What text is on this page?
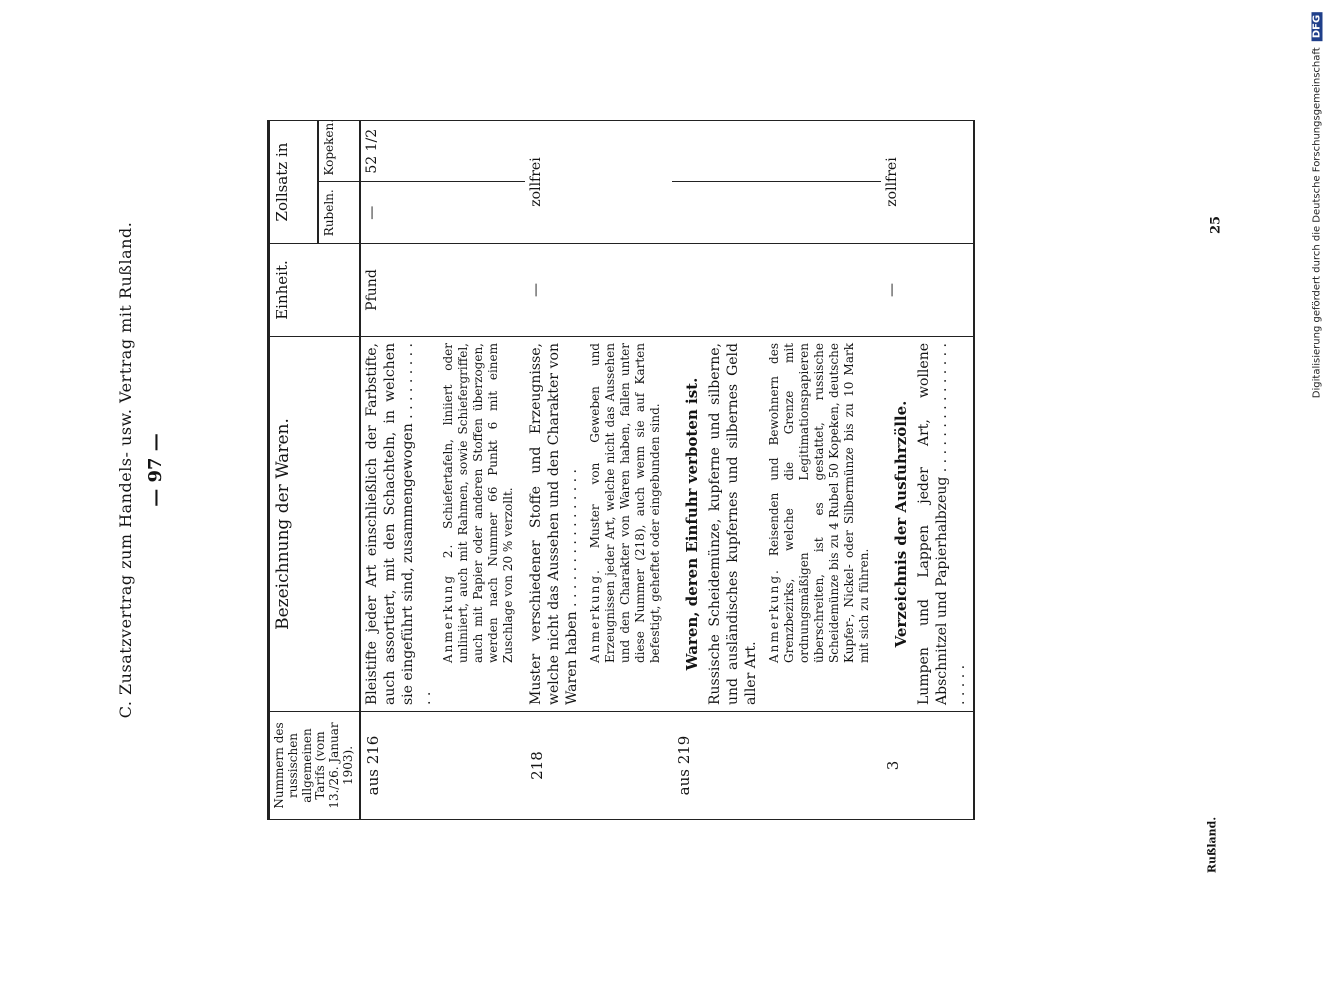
Digitalisierung gefördert durch die Deutsche Forschungsgemeinschaft DFG
Rußland.
25
C. Zusatzvertrag zum Handels- usw. Vertrag mit Rußland. — 97 —
Nummern des russischen allgemeinen Tarifs (vom 13./26. Januar 1903).	Bezeichnung der Waren.	Einheit.	Zollsatz in	
			Rubeln.	Kopeken.
aus 216	Bleistifte jeder Art einschließlich der Farbstifte, auch assortiert, mit den Schachteln, in welchen sie eingeführt sind, zusammengewogen . . . . . . . . . . .

Anmerkung 2. Schiefertafeln, liniiert oder unliniiert, auch mit Rahmen, sowie Schiefergriffel, auch mit Papier oder anderen Stoffen überzogen, werden nach Nummer 66 Punkt 6 mit einem Zuschlage von 20 % verzollt.	Pfund	—	52 1/2
218	Muster verschiedener Stoffe und Erzeugnisse, welche nicht das Aussehen und den Charakter von Waren haben . . . . . . . . . . . . . . . . Anmerkung. Muster von Geweben und Erzeugnissen jeder Art, welche nicht das Aussehen und den Charakter von Waren haben, fallen unter diese Nummer (218), auch wenn sie auf Karten befestigt, geheftet oder eingebunden sind.	—	zollfrei	
aus 219	Waren, deren Einfuhr verboten ist. Russische Scheidemünze, kupferne und silberne, und ausländisches kupfernes und silbernes Geld aller Art.

Anmerkung. Reisenden und Bewohnern des Grenzbezirks, welche die Grenze mit ordnungsmäßigen Legitimationspapieren überschreiten, ist es gestattet, russische Scheidemünze bis zu 4 Rubel 50 Kopeken, deutsche Kupfer-, Nickel- oder Silbermünze bis zu 10 Mark mit sich zu führen.			

3	Verzeichnis der Ausfuhrzölle. Lumpen und Lappen jeder Art, wollene Abschnitzel und Papierhalbzeug . . . . . . . . . . . . . . . . . . . .	—	zollfrei	
